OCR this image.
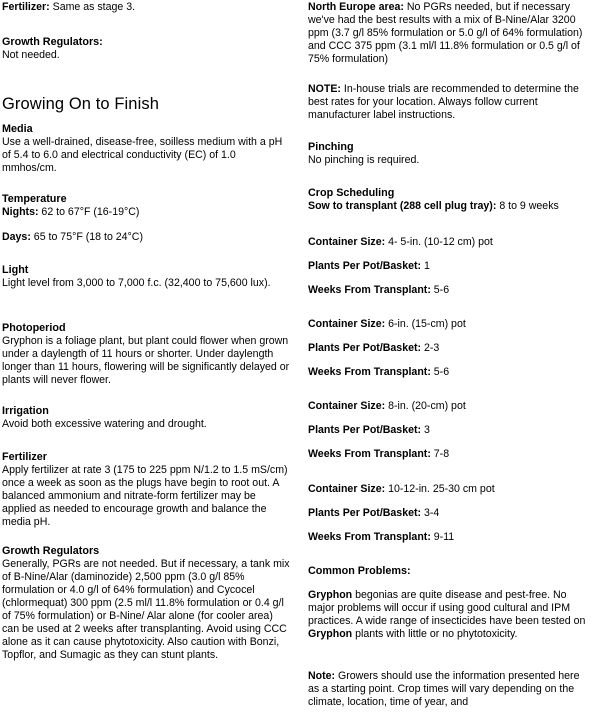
Fertilizer: Same as stage 3.

Growth Regulators:

Not needed.

Growing On to Finish
Media

Use a well-drained, disease-free, soilless medium with a pH of 5.4 to 6.0 and electrical conductivity (EC) of 1.0 mmhos/cm.

Temperature

Nights: 62 to 67°F (16-19°C)

Days: 65 to 75°F (18 to 24°C)

Light

Light level from 3,000 to 7,000 f.c. (32,400 to 75,600 lux).

Photoperiod

Gryphon is a foliage plant, but plant could flower when grown under a daylength of 11 hours or shorter. Under daylength longer than 11 hours, flowering will be significantly delayed or plants will never flower.

Irrigation

Avoid both excessive watering and drought.

Fertilizer

Apply fertilizer at rate 3 (175 to 225 ppm N/1.2 to 1.5 mS/cm) once a week as soon as the plugs have begin to root out. A balanced ammonium and nitrate-form fertilizer may be applied as needed to encourage growth and balance the media pH.

Growth Regulators

Generally, PGRs are not needed. But if necessary, a tank mix of B-Nine/Alar (daminozide) 2,500 ppm (3.0 g/l 85% formulation or 4.0 g/l of 64% formulation) and Cycocel (chlormequat) 300 ppm (2.5 ml/l 11.8% formulation or 0.4 g/l of 75% formulation) or B-Nine/ Alar alone (for cooler area) can be used at 2 weeks after transplanting. Avoid using CCC alone as it can cause phytotoxicity. Also caution with Bonzi, Topflor, and Sumagic as they can stunt plants.

North Europe area: No PGRs needed, but if necessary we've had the best results with a mix of B-Nine/Alar 3200 ppm (3.7 g/l 85% formulation or 5.0 g/l of 64% formulation) and CCC 375 ppm (3.1 ml/l 11.8% formulation or 0.5 g/l of 75% formulation)

NOTE: In-house trials are recommended to determine the best rates for your location. Always follow current manufacturer label instructions.

Pinching

No pinching is required.

Crop Scheduling

Sow to transplant (288 cell plug tray): 8 to 9 weeks

Container Size: 4- 5-in. (10-12 cm) pot

Plants Per Pot/Basket: 1

Weeks From Transplant: 5-6

Container Size: 6-in. (15-cm) pot

Plants Per Pot/Basket: 2-3

Weeks From Transplant: 5-6

Container Size: 8-in. (20-cm) pot

Plants Per Pot/Basket: 3

Weeks From Transplant: 7-8

Container Size: 10-12-in. 25-30 cm pot

Plants Per Pot/Basket: 3-4

Weeks From Transplant: 9-11

Common Problems:

Gryphon begonias are quite disease and pest-free. No major problems will occur if using good cultural and IPM practices. A wide range of insecticides have been tested on Gryphon plants with little or no phytotoxicity.

Note: Growers should use the information presented here as a starting point. Crop times will vary depending on the climate, location, time of year, and
